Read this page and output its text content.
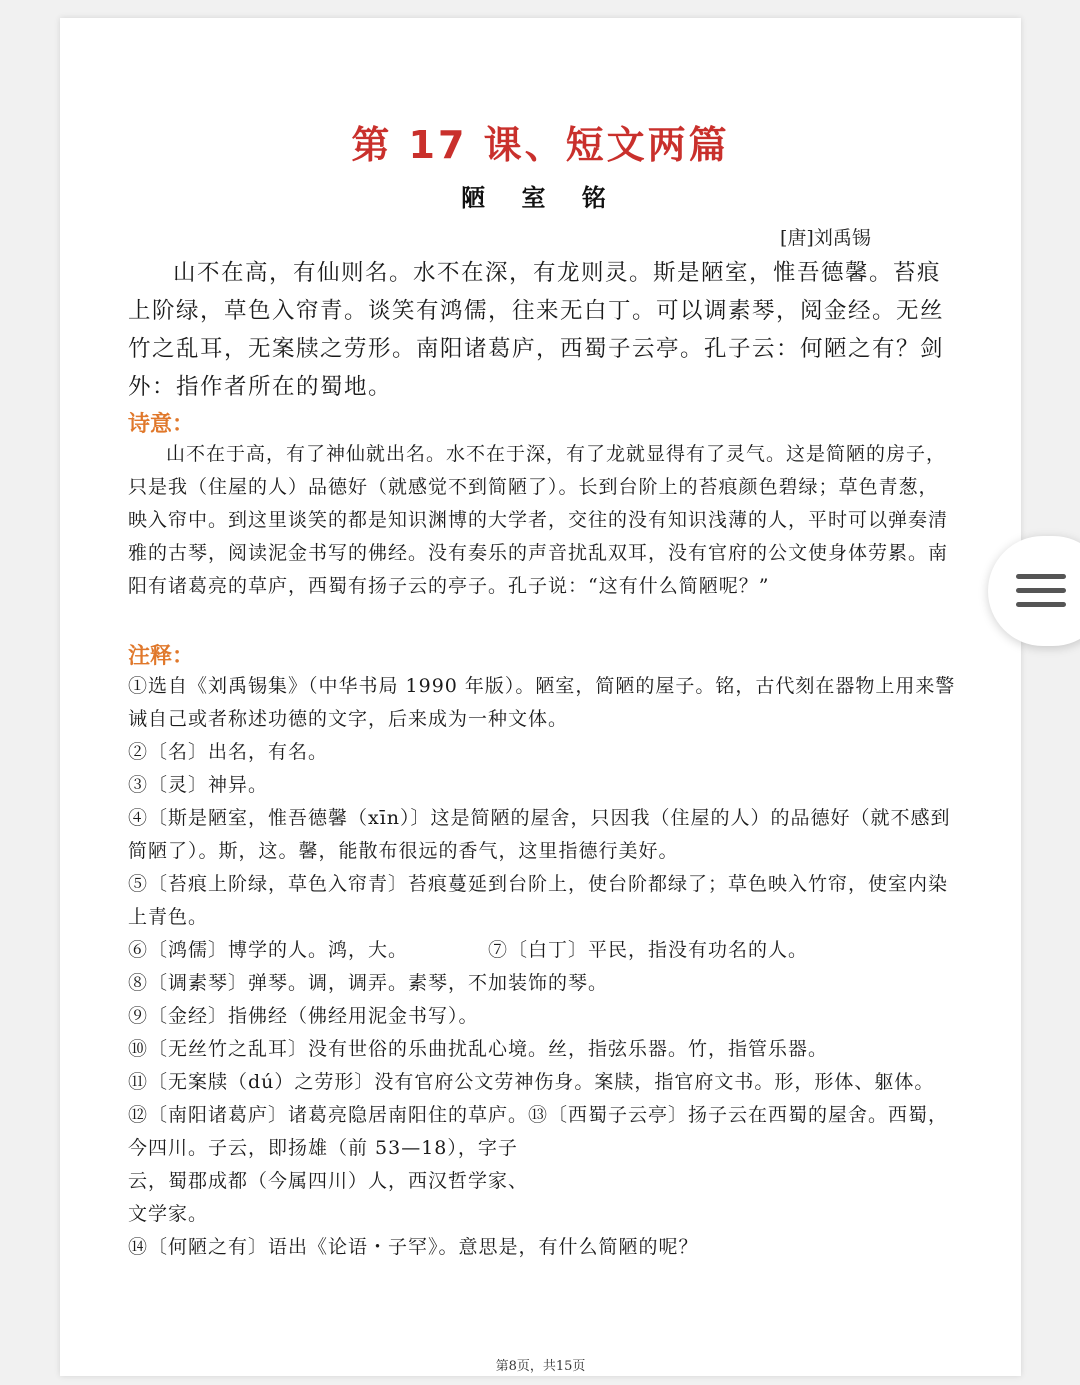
第 17 课、短文两篇
陋 室 铭
[唐]刘禹锡

山不在高，有仙则名。水不在深，有龙则灵。斯是陋室，惟吾德馨。苔痕上阶绿，草色入帘青。谈笑有鸿儒，往来无白丁。可以调素琴，阅金经。无丝竹之乱耳，无案牍之劳形。南阳诸葛庐，西蜀子云亭。孔子云：何陋之有？剑外：指作者所在的蜀地。

诗意：

山不在于高，有了神仙就出名。水不在于深，有了龙就显得有了灵气。这是简陋的房子，只是我（住屋的人）品德好（就感觉不到简陋了）。长到台阶上的苔痕颜色碧绿；草色青葱，映入帘中。到这里谈笑的都是知识渊博的大学者，交往的没有知识浅薄的人，平时可以弹奏清雅的古琴，阅读泥金书写的佛经。没有奏乐的声音扰乱双耳，没有官府的公文使身体劳累。南阳有诸葛亮的草庐，西蜀有扬子云的亭子。孔子说：“这有什么简陋呢？”

注释：

①选自《刘禹锡集》（中华书局 1990 年版）。陋室，简陋的屋子。铭，古代刻在器物上用来警诫自己或者称述功德的文字，后来成为一种文体。

②〔名〕出名，有名。

③〔灵〕神异。

④〔斯是陋室，惟吾德馨（xīn）〕这是简陋的屋舍，只因我（住屋的人）的品德好（就不感到简陋了）。斯，这。馨，能散布很远的香气，这里指德行美好。

⑤〔苔痕上阶绿，草色入帘青〕苔痕蔓延到台阶上，使台阶都绿了；草色映入竹帘，使室内染上青色。

⑥〔鸿儒〕博学的人。鸿，大。	⑦〔白丁〕平民，指没有功名的人。

⑧〔调素琴〕弹琴。调，调弄。素琴，不加装饰的琴。

⑨〔金经〕指佛经（佛经用泥金书写）。

⑩〔无丝竹之乱耳〕没有世俗的乐曲扰乱心境。丝，指弦乐器。竹，指管乐器。

⑪〔无案牍（dú）之劳形〕没有官府公文劳神伤身。案牍，指官府文书。形，形体、躯体。

⑫〔南阳诸葛庐〕诸葛亮隐居南阳住的草庐。⑬〔西蜀子云亭〕扬子云在西蜀的屋舍。西蜀，今四川。子云，即扬雄（前 53—18），字子

云，蜀郡成都（今属四川）人，西汉哲学家、

文学家。

⑭〔何陋之有〕语出《论语・子罕》。意思是，有什么简陋的呢？

第8页，共15页
